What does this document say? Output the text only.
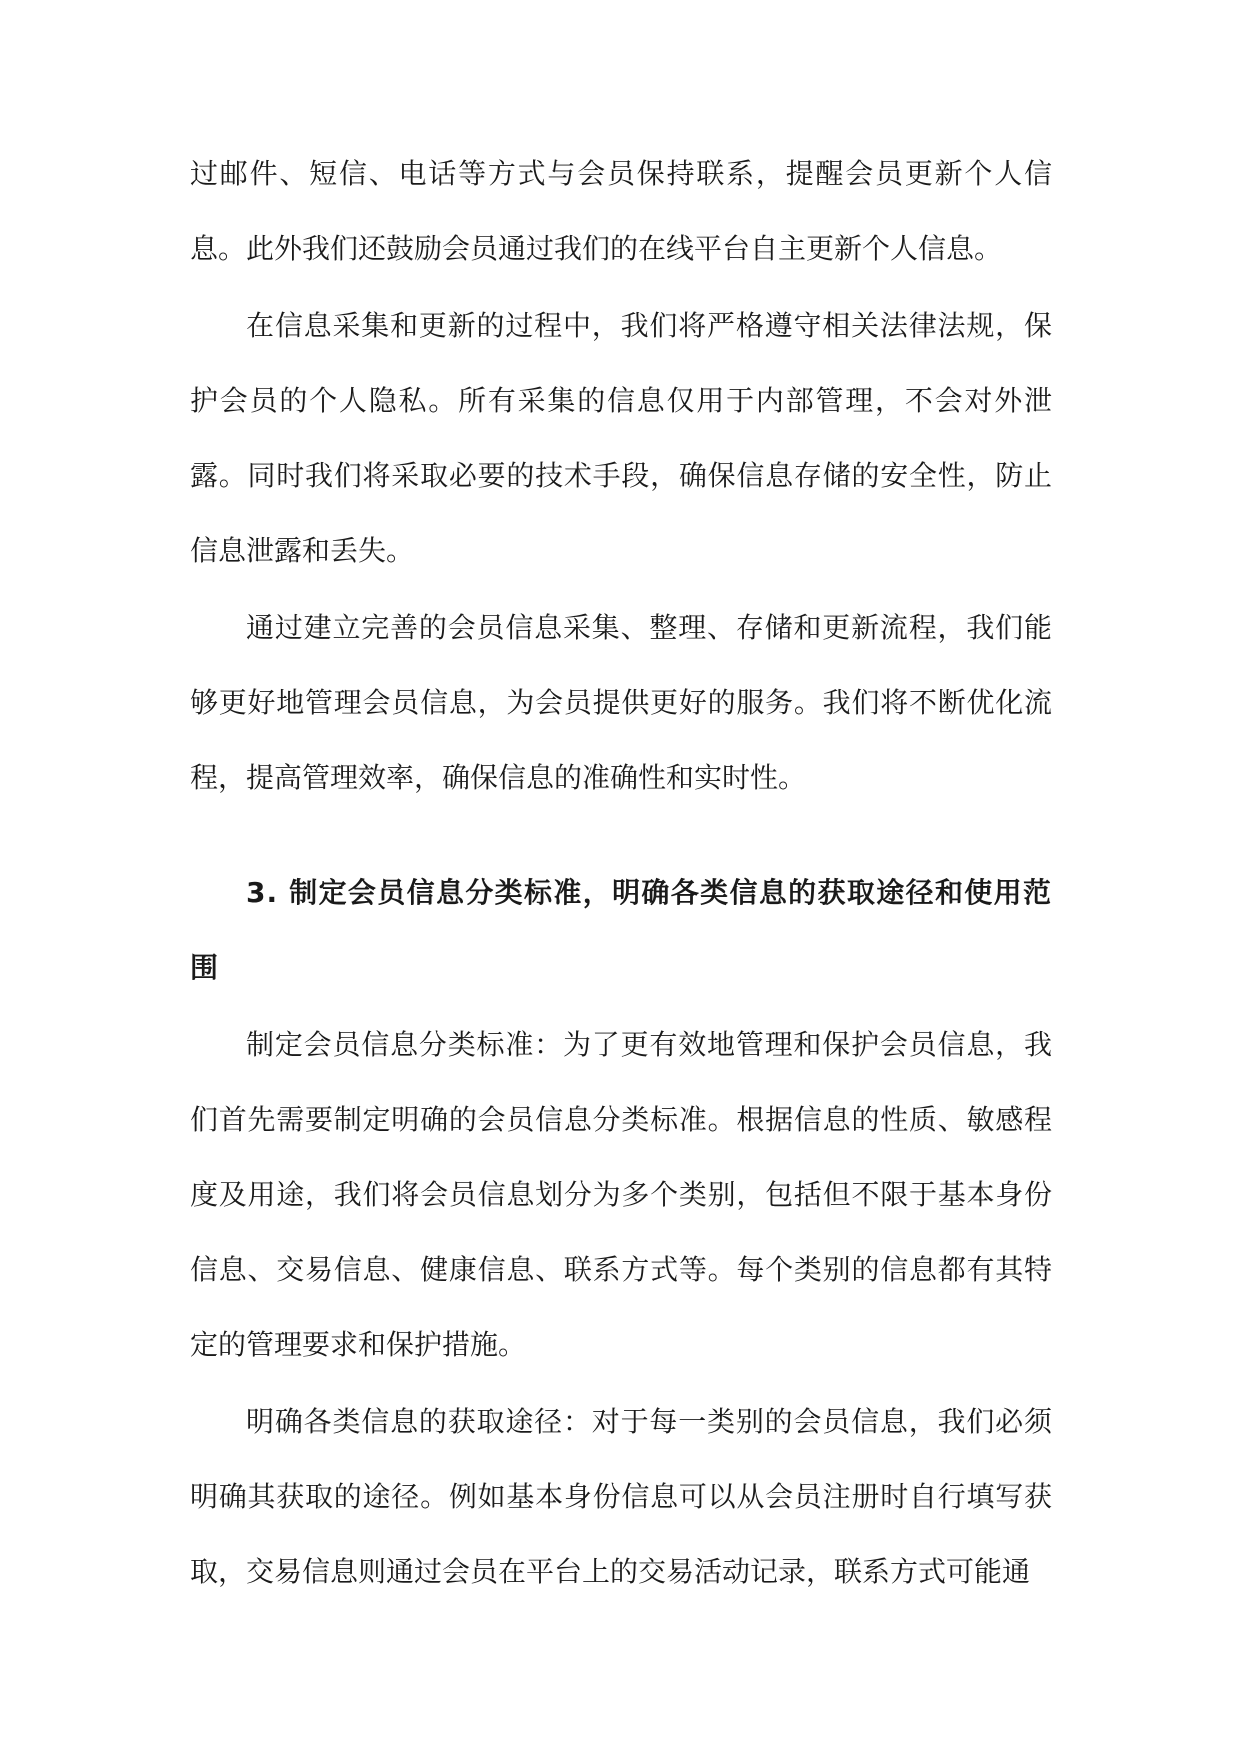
过邮件、短信、电话等方式与会员保持联系，提醒会员更新个人信息。此外我们还鼓励会员通过我们的在线平台自主更新个人信息。

在信息采集和更新的过程中，我们将严格遵守相关法律法规，保护会员的个人隐私。所有采集的信息仅用于内部管理，不会对外泄露。同时我们将采取必要的技术手段，确保信息存储的安全性，防止信息泄露和丢失。

通过建立完善的会员信息采集、整理、存储和更新流程，我们能够更好地管理会员信息，为会员提供更好的服务。我们将不断优化流程，提高管理效率，确保信息的准确性和实时性。

3. 制定会员信息分类标准，明确各类信息的获取途径和使用范围

制定会员信息分类标准：为了更有效地管理和保护会员信息，我们首先需要制定明确的会员信息分类标准。根据信息的性质、敏感程度及用途，我们将会员信息划分为多个类别，包括但不限于基本身份信息、交易信息、健康信息、联系方式等。每个类别的信息都有其特定的管理要求和保护措施。

明确各类信息的获取途径：对于每一类别的会员信息，我们必须明确其获取的途径。例如基本身份信息可以从会员注册时自行填写获取，交易信息则通过会员在平台上的交易活动记录，联系方式可能通
